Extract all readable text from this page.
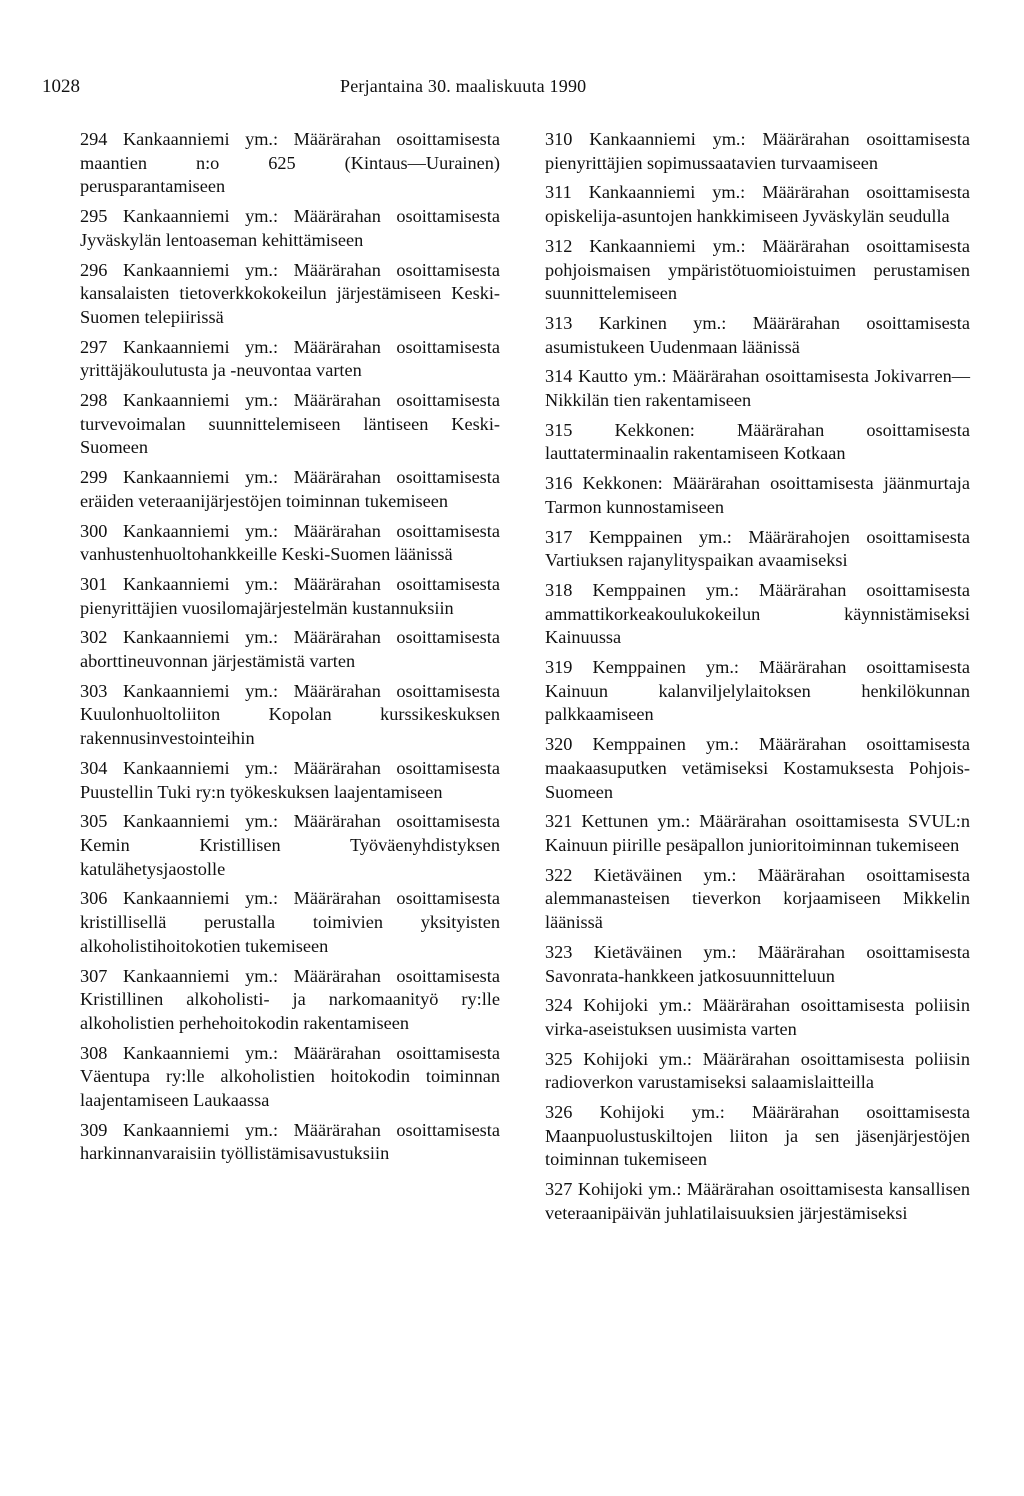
1028	Perjantaina 30. maaliskuuta 1990

294 Kankaanniemi ym.: Määrärahan osoittamisesta maantien n:o 625 (Kintaus—Uurainen) perusparantamiseen

295 Kankaanniemi ym.: Määrärahan osoittamisesta Jyväskylän lentoaseman kehittämiseen

296 Kankaanniemi ym.: Määrärahan osoittamisesta kansalaisten tietoverkkokokeilun järjestämiseen Keski-Suomen telepiirissä

297 Kankaanniemi ym.: Määrärahan osoittamisesta yrittäjäkoulutusta ja -neuvontaa varten

298 Kankaanniemi ym.: Määrärahan osoittamisesta turvevoimalan suunnittelemiseen läntiseen Keski-Suomeen

299 Kankaanniemi ym.: Määrärahan osoittamisesta eräiden veteraanijärjestöjen toiminnan tukemiseen

300 Kankaanniemi ym.: Määrärahan osoittamisesta vanhustenhuoltohankkeille Keski-Suomen läänissä

301 Kankaanniemi ym.: Määrärahan osoittamisesta pienyrittäjien vuosilomajärjestelmän kustannuksiin

302 Kankaanniemi ym.: Määrärahan osoittamisesta aborttineuvonnan järjestämistä varten

303 Kankaanniemi ym.: Määrärahan osoittamisesta Kuulonhuoltoliiton Kopolan kurssikeskuksen rakennusinvestointeihin

304 Kankaanniemi ym.: Määrärahan osoittamisesta Puustellin Tuki ry:n työkeskuksen laajentamiseen

305 Kankaanniemi ym.: Määrärahan osoittamisesta Kemin Kristillisen Työväenyhdistyksen katulähetysjaostolle

306 Kankaanniemi ym.: Määrärahan osoittamisesta kristillisellä perustalla toimivien yksityisten alkoholistihoitokotien tukemiseen

307 Kankaanniemi ym.: Määrärahan osoittamisesta Kristillinen alkoholisti- ja narkomaanityö ry:lle alkoholistien perhehoitokodin rakentamiseen

308 Kankaanniemi ym.: Määrärahan osoittamisesta Väentupa ry:lle alkoholistien hoitokodin toiminnan laajentamiseen Laukaassa

309 Kankaanniemi ym.: Määrärahan osoittamisesta harkinnanvaraisiin työllistämisavustuksiin

310 Kankaanniemi ym.: Määrärahan osoittamisesta pienyrittäjien sopimussaatavien turvaamiseen

311 Kankaanniemi ym.: Määrärahan osoittamisesta opiskelija-asuntojen hankkimiseen Jyväskylän seudulla

312 Kankaanniemi ym.: Määrärahan osoittamisesta pohjoismaisen ympäristötuomioistuimen perustamisen suunnittelemiseen

313 Karkinen ym.: Määrärahan osoittamisesta asumistukeen Uudenmaan läänissä

314 Kautto ym.: Määrärahan osoittamisesta Jokivarren—Nikkilän tien rakentamiseen

315 Kekkonen: Määrärahan osoittamisesta lauttaterminaalin rakentamiseen Kotkaan

316 Kekkonen: Määrärahan osoittamisesta jäänmurtaja Tarmon kunnostamiseen

317 Kemppainen ym.: Määrärahojen osoittamisesta Vartiuksen rajanylityspaikan avaamiseksi

318 Kemppainen ym.: Määrärahan osoittamisesta ammattikorkeakoulukokeilun käynnistämiseksi Kainuussa

319 Kemppainen ym.: Määrärahan osoittamisesta Kainuun kalanviljelylaitoksen henkilökunnan palkkaamiseen

320 Kemppainen ym.: Määrärahan osoittamisesta maakaasuputken vetämiseksi Kostamuksesta Pohjois-Suomeen

321 Kettunen ym.: Määrärahan osoittamisesta SVUL:n Kainuun piirille pesäpallon junioritoiminnan tukemiseen

322 Kietäväinen ym.: Määrärahan osoittamisesta alemmanasteisen tieverkon korjaamiseen Mikkelin läänissä

323 Kietäväinen ym.: Määrärahan osoittamisesta Savonrata-hankkeen jatkosuunnitteluun

324 Kohijoki ym.: Määrärahan osoittamisesta poliisin virka-aseistuksen uusimista varten

325 Kohijoki ym.: Määrärahan osoittamisesta poliisin radioverkon varustamiseksi salaamislaitteilla

326 Kohijoki ym.: Määrärahan osoittamisesta Maanpuolustuskiltojen liiton ja sen jäsenjärjestöjen toiminnan tukemiseen

327 Kohijoki ym.: Määrärahan osoittamisesta kansallisen veteraanipäivän juhlatilaisuuksien järjestämiseksi
